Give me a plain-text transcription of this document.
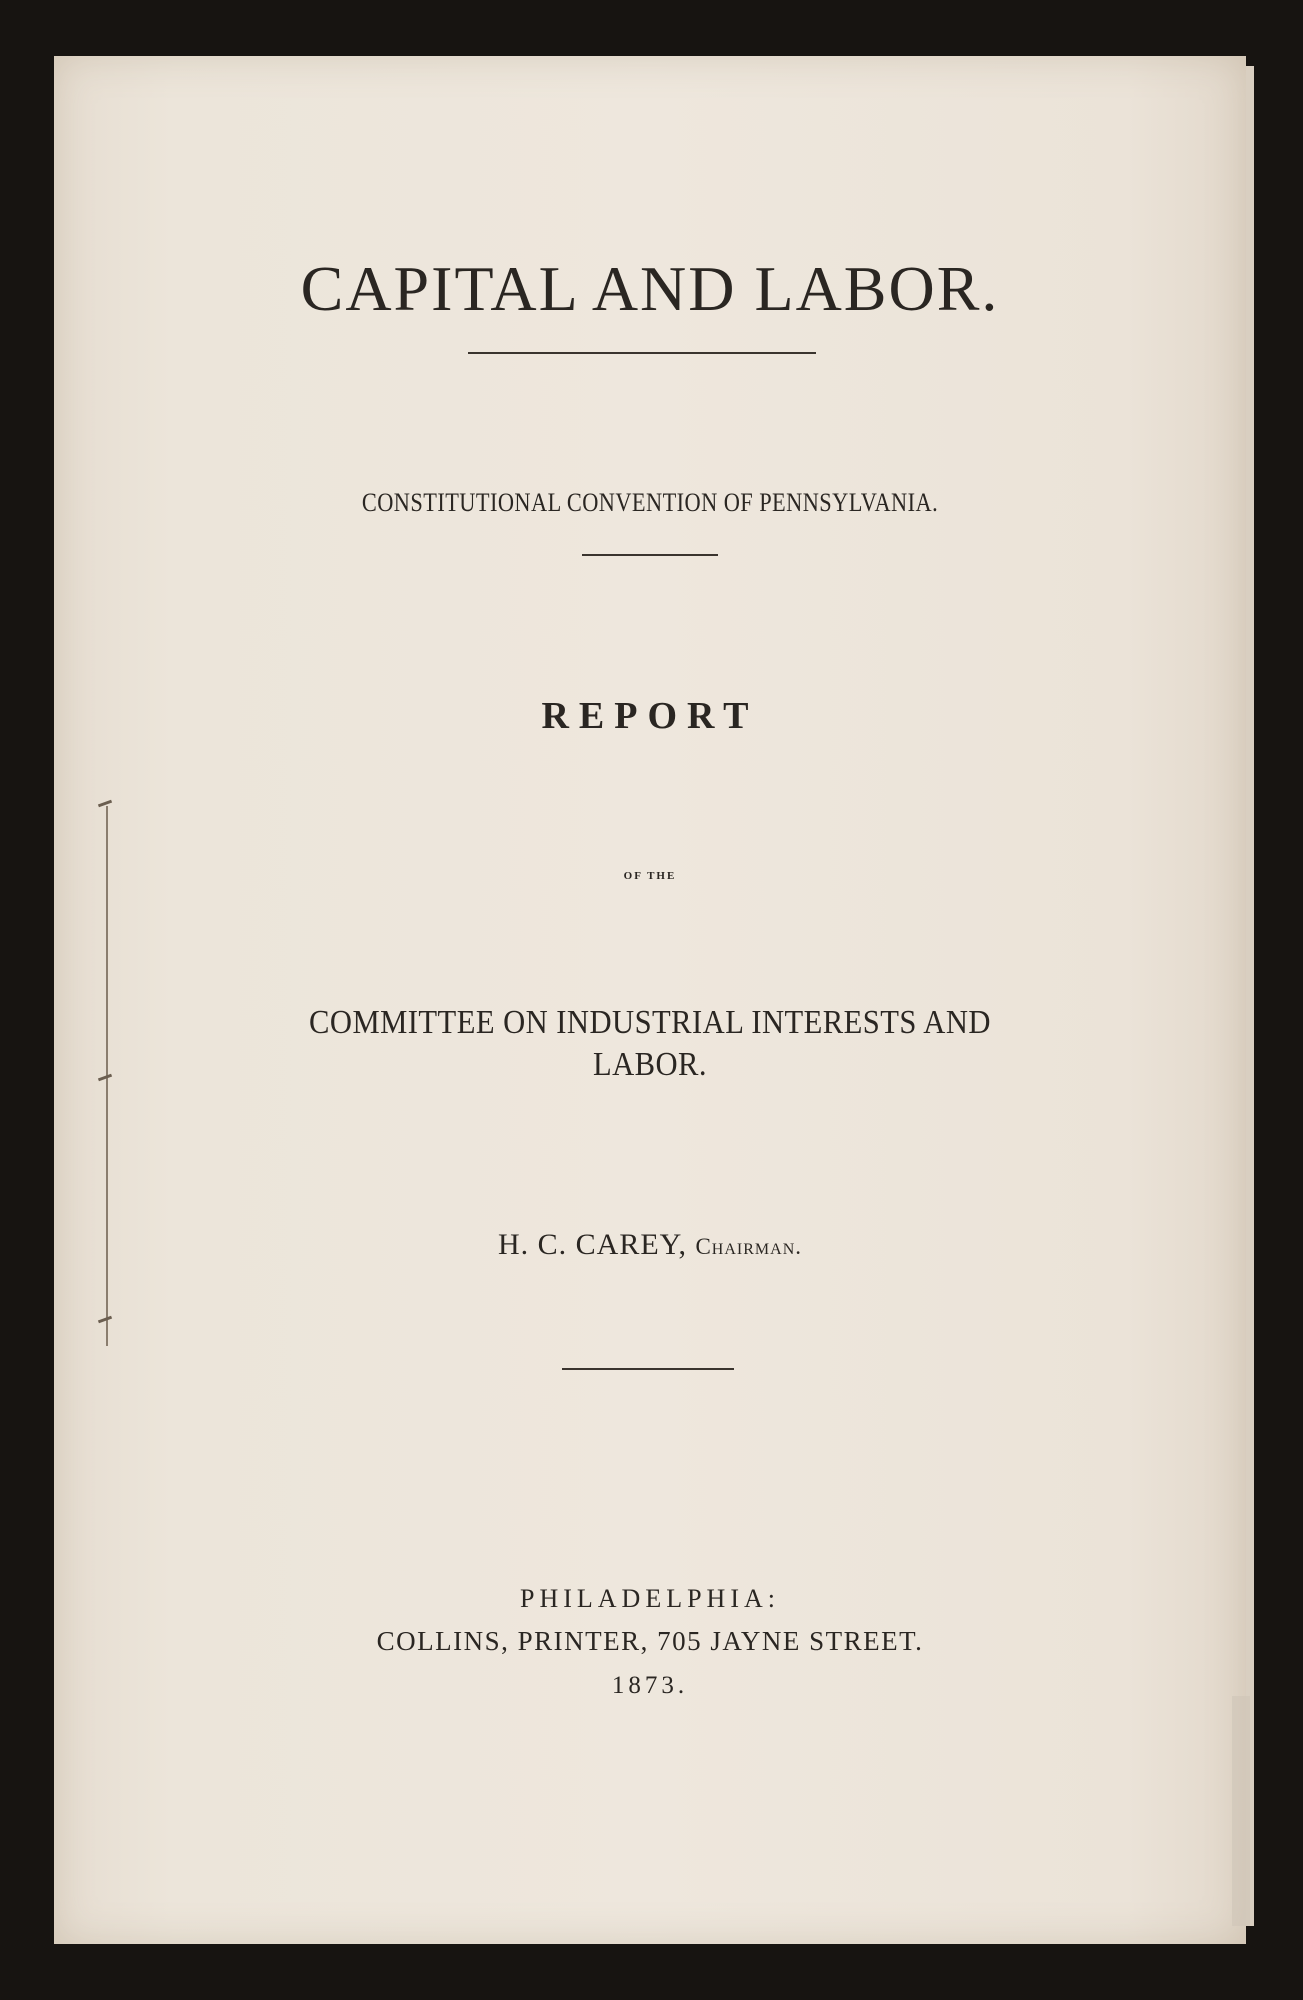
CAPITAL AND LABOR.

CONSTITUTIONAL CONVENTION OF PENNSYLVANIA.

REPORT

OF THE

COMMITTEE ON INDUSTRIAL INTERESTS AND

LABOR.

H. C. CAREY, Chairman.

PHILADELPHIA:

COLLINS, PRINTER, 705 JAYNE STREET.

1873.
